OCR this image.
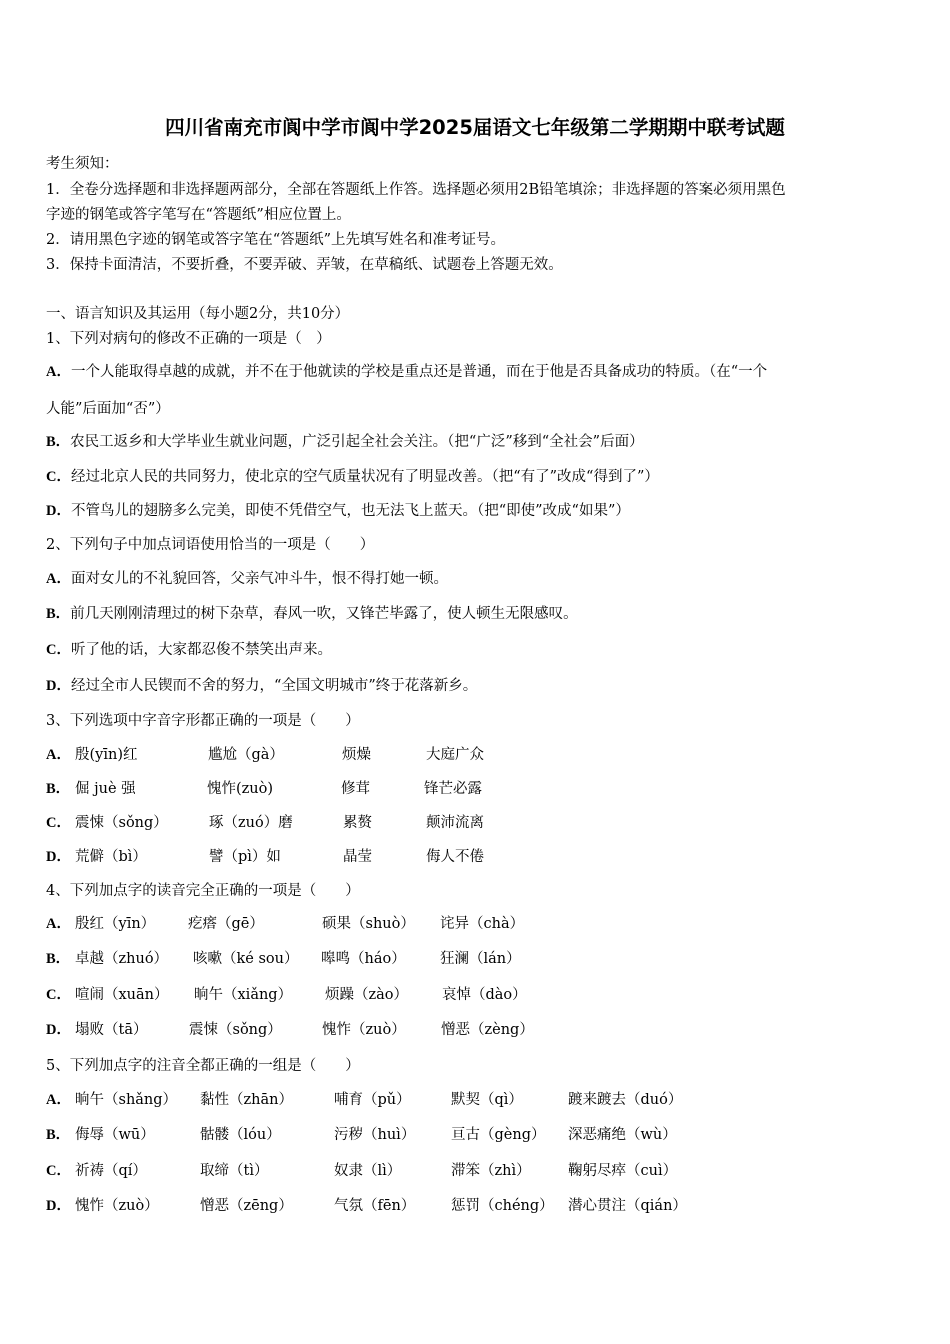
四川省南充市阆中学市阆中学2025届语文七年级第二学期期中联考试题
考生须知：
1．全卷分选择题和非选择题两部分，全部在答题纸上作答。选择题必须用2B铅笔填涂；非选择题的答案必须用黑色
字迹的钢笔或答字笔写在“答题纸”相应位置上。
2．请用黑色字迹的钢笔或答字笔在“答题纸”上先填写姓名和准考证号。
3．保持卡面清洁，不要折叠，不要弄破、弄皱，在草稿纸、试题卷上答题无效。
一、语言知识及其运用（每小题2分，共10分）
1、下列对病句的修改不正确的一项是（　）
A．一个人能取得卓越的成就，并不在于他就读的学校是重点还是普通，而在于他是否具备成功的特质。（在“一个
人能”后面加“否”）
B．农民工返乡和大学毕业生就业问题，广泛引起全社会关注。（把“广泛”移到“全社会”后面）
C．经过北京人民的共同努力，使北京的空气质量状况有了明显改善。（把“有了”改成“得到了”）
D．不管鸟儿的翅膀多么完美，即使不凭借空气，也无法飞上蓝天。（把“即使”改成“如果”）
2、下列句子中加点词语使用恰当的一项是（　　）
A．面对女儿的不礼貌回答，父亲气冲斗牛，恨不得打她一顿。
B．前几天刚刚清理过的树下杂草，春风一吹，又锋芒毕露了，使人顿生无限感叹。
C．听了他的话，大家都忍俊不禁笑出声来。
D．经过全市人民锲而不舍的努力，“全国文明城市”终于花落新乡。
3、下列选项中字音字形都正确的一项是（　　）
A． 殷(yīn)红	尴尬（gà）	烦燥	大庭广众
B． 倔 juè 强	愧怍(zuò)	修茸	锋芒必露
C． 震悚（sǒng）	琢（zuó）磨	累赘	颠沛流离
D． 荒僻（bì）	譬（pì）如	晶莹	侮人不倦
4、下列加点字的读音完全正确的一项是（　　）
A． 殷红（yīn） 疙瘩（gē）	硕果（shuò） 诧异（chà）
B． 卓越（zhuó） 咳嗽（ké sou） 嗥鸣（háo） 狂澜（lán）
C． 喧闹（xuān） 晌午（xiǎng） 烦躁（zào） 哀悼（dào）
D． 塌败（tā）	震悚（sǒng）	愧怍（zuò） 憎恶（zèng）
5、下列加点字的注音全都正确的一组是（　　）
A． 晌午（shǎng） 黏性（zhān）	哺育（pǔ）	默契（qì）	踱来踱去（duó）
B． 侮辱（wū）	骷髅（lóu）	污秽（huì） 亘古（gèng） 深恶痛绝（wù）
C． 祈祷（qí）	取缔（tì）	奴隶（lì）	滞笨（zhì）	鞠躬尽瘁（cuì）
D． 愧怍（zuò）	憎恶（zēng）	气氛（fēn） 惩罚（chéng） 潜心贯注（qián）
